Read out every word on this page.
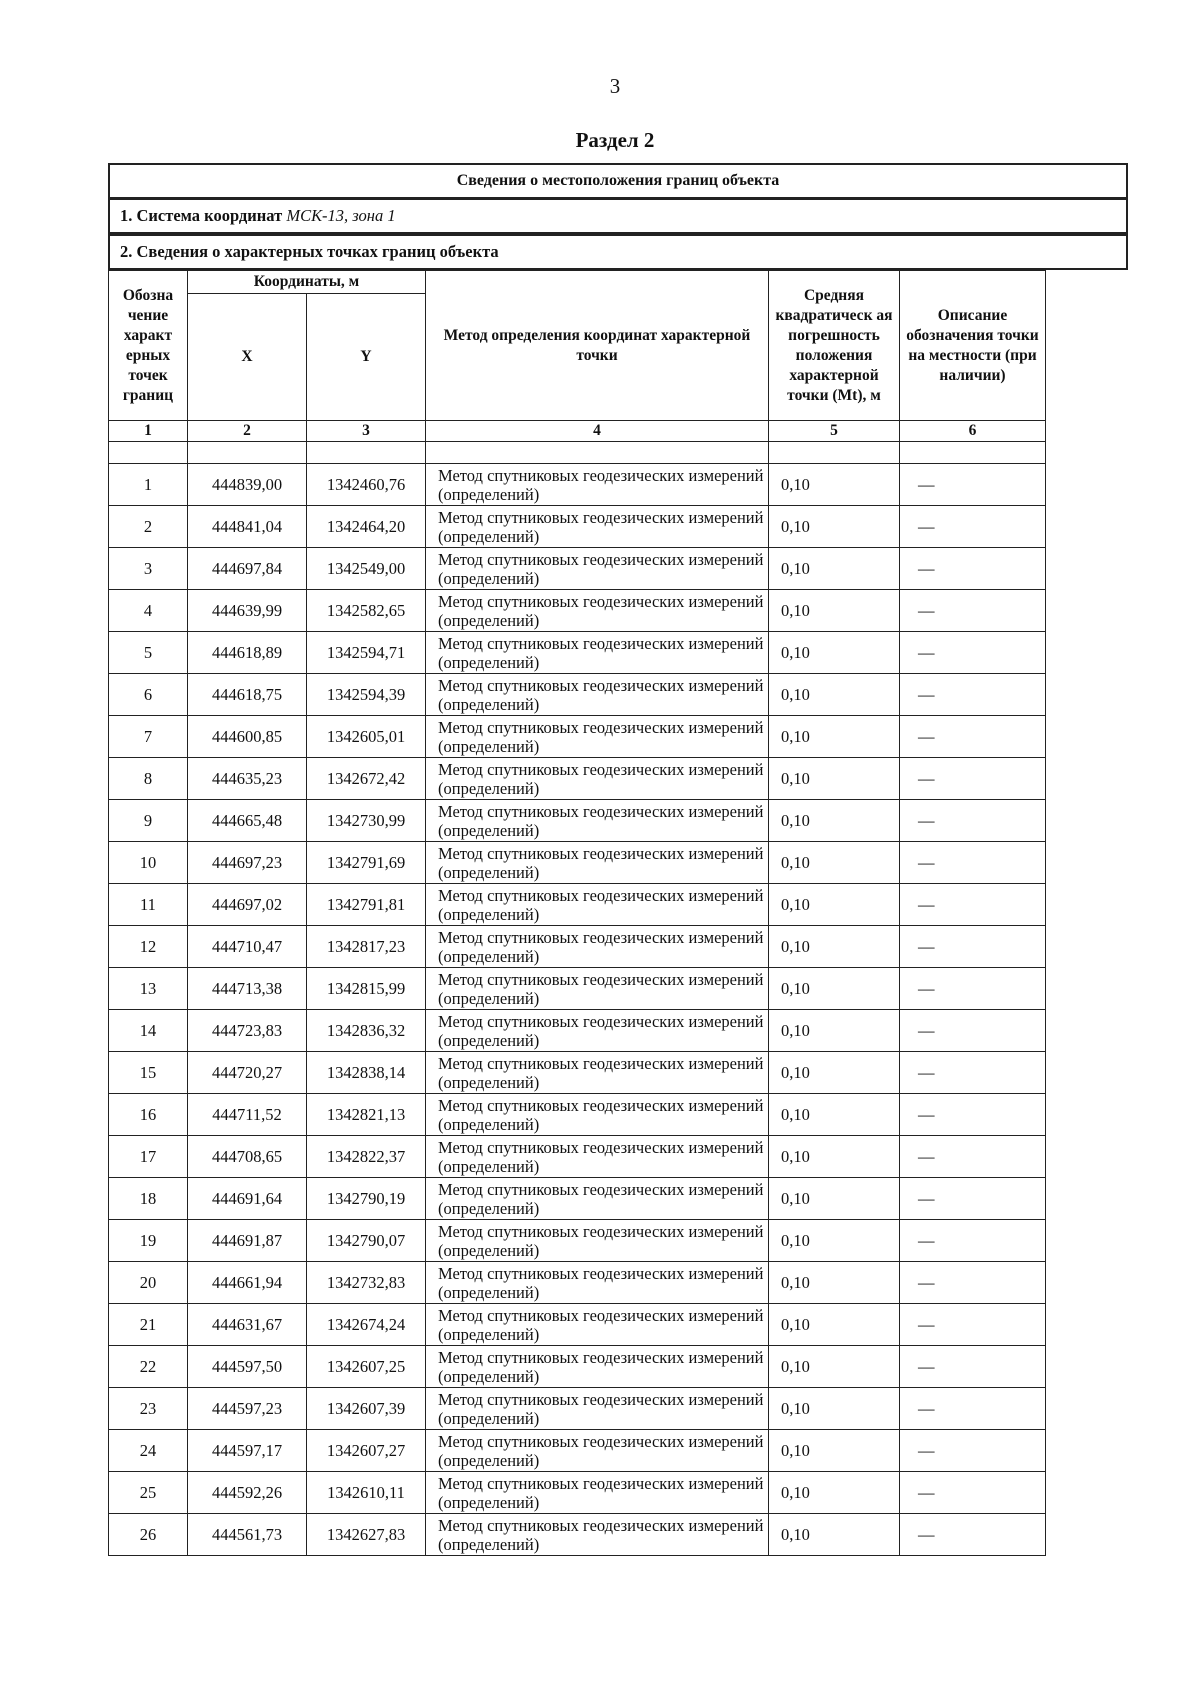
3
Раздел 2
Сведения о местоположения границ объекта
1. Система координат
МСК-13, зона 1
2. Сведения о характерных точках границ объекта
Обозна чение характ ерных точек границ	Координаты, м		Метод определения координат характерной точки	Средняя квадратическ ая погрешность положения характерной точки (Mt), м	Описание обозначения точки на местности (при наличии)	
	X	Y				
1	2	3	4	5	6	

1	444839,00	1342460,76	Метод спутниковых геодезических измерений (определений)	0,10	—	
2	444841,04	1342464,20	Метод спутниковых геодезических измерений (определений)	0,10	—	
3	444697,84	1342549,00	Метод спутниковых геодезических измерений (определений)	0,10	—	
4	444639,99	1342582,65	Метод спутниковых геодезических измерений (определений)	0,10	—	
5	444618,89	1342594,71	Метод спутниковых геодезических измерений (определений)	0,10	—	
6	444618,75	1342594,39	Метод спутниковых геодезических измерений (определений)	0,10	—	
7	444600,85	1342605,01	Метод спутниковых геодезических измерений (определений)	0,10	—	
8	444635,23	1342672,42	Метод спутниковых геодезических измерений (определений)	0,10	—	
9	444665,48	1342730,99	Метод спутниковых геодезических измерений (определений)	0,10	—	
10	444697,23	1342791,69	Метод спутниковых геодезических измерений (определений)	0,10	—	
11	444697,02	1342791,81	Метод спутниковых геодезических измерений (определений)	0,10	—	
12	444710,47	1342817,23	Метод спутниковых геодезических измерений (определений)	0,10	—	
13	444713,38	1342815,99	Метод спутниковых геодезических измерений (определений)	0,10	—	
14	444723,83	1342836,32	Метод спутниковых геодезических измерений (определений)	0,10	—	
15	444720,27	1342838,14	Метод спутниковых геодезических измерений (определений)	0,10	—	
16	444711,52	1342821,13	Метод спутниковых геодезических измерений (определений)	0,10	—	
17	444708,65	1342822,37	Метод спутниковых геодезических измерений (определений)	0,10	—	
18	444691,64	1342790,19	Метод спутниковых геодезических измерений (определений)	0,10	—	
19	444691,87	1342790,07	Метод спутниковых геодезических измерений (определений)	0,10	—	
20	444661,94	1342732,83	Метод спутниковых геодезических измерений (определений)	0,10	—	
21	444631,67	1342674,24	Метод спутниковых геодезических измерений (определений)	0,10	—	
22	444597,50	1342607,25	Метод спутниковых геодезических измерений (определений)	0,10	—	
23	444597,23	1342607,39	Метод спутниковых геодезических измерений (определений)	0,10	—	
24	444597,17	1342607,27	Метод спутниковых геодезических измерений (определений)	0,10	—	
25	444592,26	1342610,11	Метод спутниковых геодезических измерений (определений)	0,10	—	
26	444561,73	1342627,83	Метод спутниковых геодезических измерений (определений)	0,10	—	
